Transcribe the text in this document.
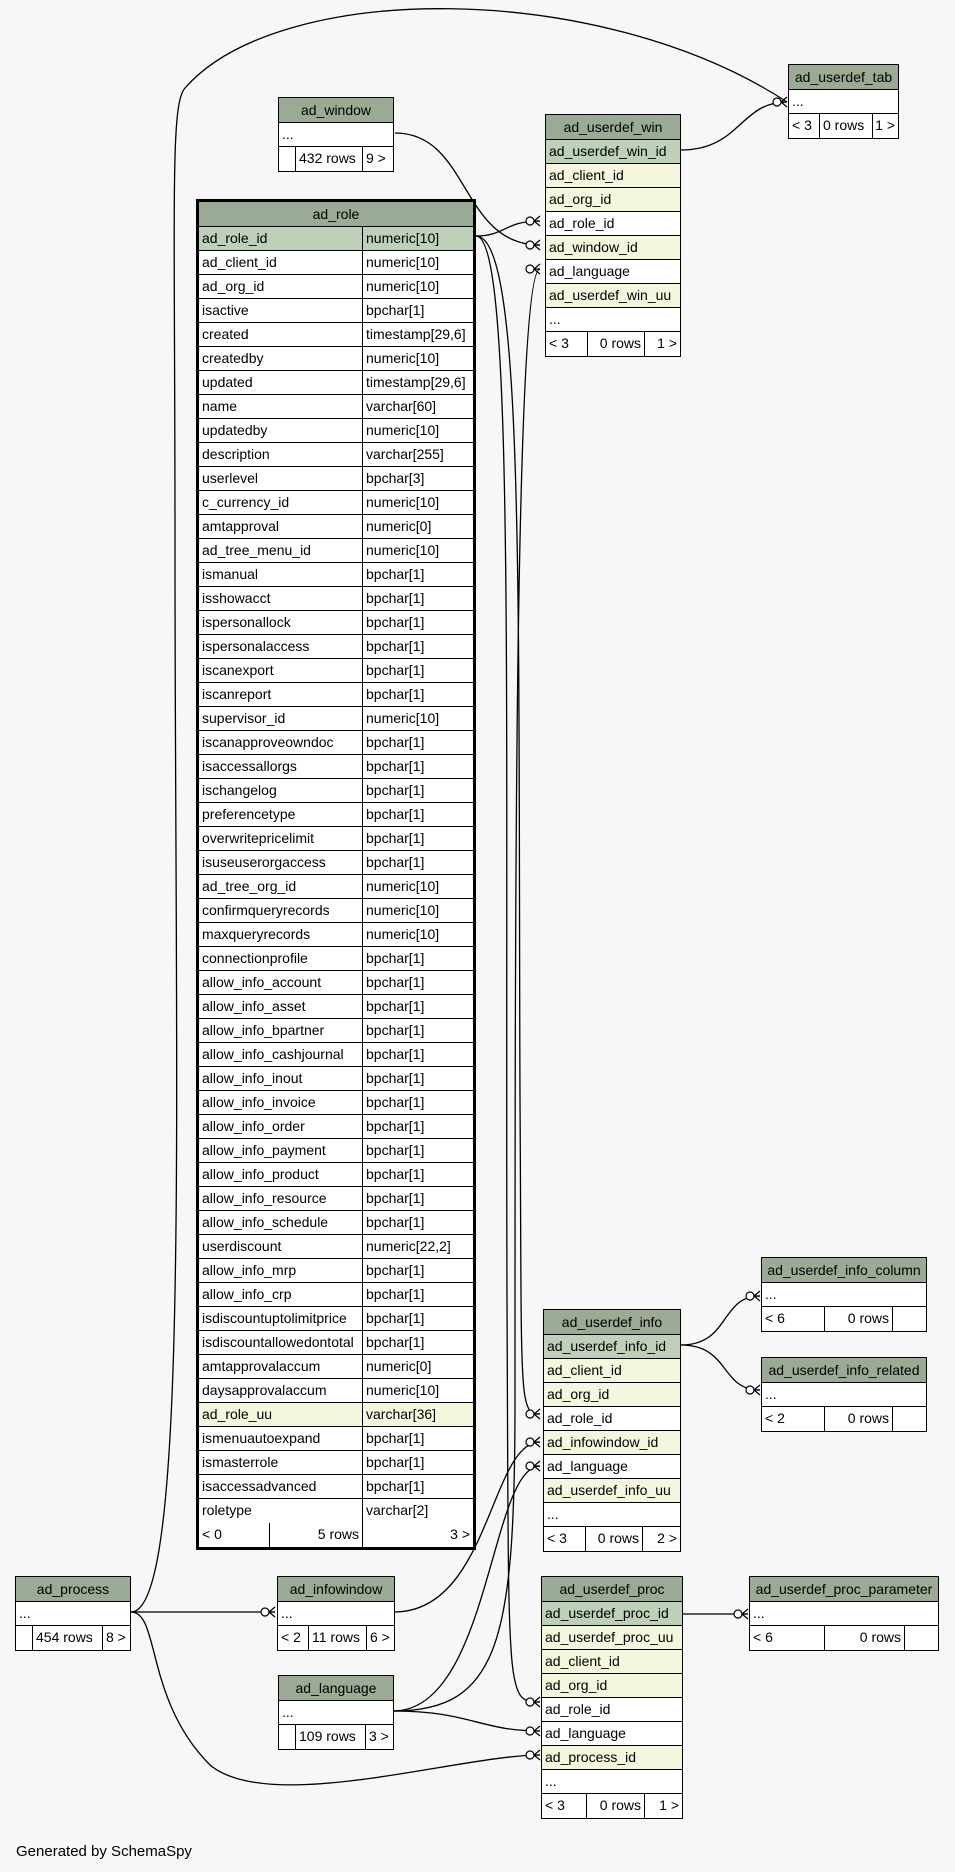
ad_userdef_tab
...
< 3 0 rows 1 >
ad_window
...
432 rows 9 >
ad_userdef_win
ad_userdef_win_id
ad_client_id
ad_org_id
ad_role_id
ad_window_id
ad_language
ad_userdef_win_uu
...
< 3	0 rows	1 >
ad_role
ad_role_id	numeric[10]
ad_client_id	numeric[10]
ad_org_id	numeric[10]
isactive	bpchar[1]
created	timestamp[29,6]
createdby	numeric[10]
updated	timestamp[29,6]
name	varchar[60]
updatedby	numeric[10]
description	varchar[255]
userlevel	bpchar[3]
c_currency_id	numeric[10]
amtapproval	numeric[0]
ad_tree_menu_id	numeric[10]
ismanual	bpchar[1]
isshowacct	bpchar[1]
ispersonallock	bpchar[1]
ispersonalaccess	bpchar[1]
iscanexport	bpchar[1]
iscanreport	bpchar[1]
supervisor_id	numeric[10]
iscanapproveowndoc	bpchar[1]
isaccessallorgs	bpchar[1]
ischangelog	bpchar[1]
preferencetype	bpchar[1]
overwritepricelimit	bpchar[1]
isuseuserorgaccess	bpchar[1]
ad_tree_org_id	numeric[10]
confirmqueryrecords	numeric[10]
maxqueryrecords	numeric[10]
connectionprofile	bpchar[1]
allow_info_account	bpchar[1]
allow_info_asset	bpchar[1]
allow_info_bpartner	bpchar[1]
allow_info_cashjournal	bpchar[1]
allow_info_inout	bpchar[1]
allow_info_invoice	bpchar[1]
allow_info_order	bpchar[1]
allow_info_payment	bpchar[1]
allow_info_product	bpchar[1]
allow_info_resource	bpchar[1]
allow_info_schedule	bpchar[1]
userdiscount	numeric[22,2]
allow_info_mrp	bpchar[1]
allow_info_crp	bpchar[1]
isdiscountuptolimitprice	bpchar[1]
isdiscountallowedontotal bpchar[1]
amtapprovalaccum	numeric[0]
daysapprovalaccum	numeric[10]
ad_role_uu	varchar[36]
ismenuautoexpand	bpchar[1]
ismasterrole	bpchar[1]
isaccessadvanced	bpchar[1]
roletype	varchar[2]
< 0	5 rows	3 >
ad_userdef_info_column
...
< 6	0 rows
ad_userdef_info_related
...
< 2	0 rows
ad_userdef_info
ad_userdef_info_id
ad_client_id
ad_org_id
ad_role_id
ad_infowindow_id
ad_language
ad_userdef_info_uu
...
< 3	0 rows	2 >
ad_process
...
454 rows 8 >
ad_infowindow
...
< 2 11 rows 6 >
ad_userdef_proc_parameter
...
< 6	0 rows
ad_language
...
109 rows 3 >
ad_userdef_proc
ad_userdef_proc_id
ad_userdef_proc_uu
ad_client_id
ad_org_id
ad_role_id
ad_language
ad_process_id
...
< 3	0 rows	1 >
Generated by SchemaSpy
